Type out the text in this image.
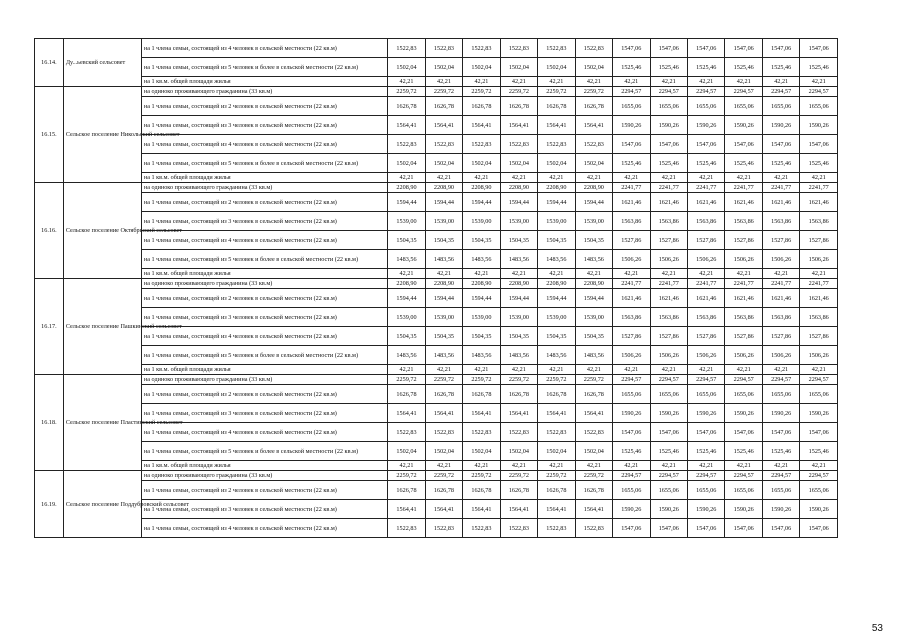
16.14.	Ду...ьевский сельсовет	на 1 члена семьи, состоящей из 4 человек в сельской местности (22 кв.м)	1522,83	1522,83	1522,83	1522,83	1522,83	1522,83	1547,06	1547,06	1547,06	1547,06	1547,06	1547,06
		на 1 члена семьи, состоящей из 5 человек и более в сельской местности (22 кв.м)	1502,04	1502,04	1502,04	1502,04	1502,04	1502,04	1525,46	1525,46	1525,46	1525,46	1525,46	1525,46
		на 1 кв.м. общей площади жилья	42,21	42,21	42,21	42,21	42,21	42,21	42,21	42,21	42,21	42,21	42,21	42,21
16.15.	Сельское поселение Никольский сельсовет	на одиноко проживающего гражданина (33 кв.м)	2259,72	2259,72	2259,72	2259,72	2259,72	2259,72	2294,57	2294,57	2294,57	2294,57	2294,57	2294,57
		на 1 члена семьи, состоящей из 2 человек в сельской местности (22 кв.м)	1626,78	1626,78	1626,78	1626,78	1626,78	1626,78	1655,06	1655,06	1655,06	1655,06	1655,06	1655,06
		на 1 члена семьи, состоящей из 3 человек в сельской местности (22 кв.м)	1564,41	1564,41	1564,41	1564,41	1564,41	1564,41	1590,26	1590,26	1590,26	1590,26	1590,26	1590,26
		на 1 члена семьи, состоящей из 4 человек в сельской местности (22 кв.м)	1522,83	1522,83	1522,83	1522,83	1522,83	1522,83	1547,06	1547,06	1547,06	1547,06	1547,06	1547,06
		на 1 члена семьи, состоящей из 5 человек и более в сельской местности (22 кв.м)	1502,04	1502,04	1502,04	1502,04	1502,04	1502,04	1525,46	1525,46	1525,46	1525,46	1525,46	1525,46
		на 1 кв.м. общей площади жилья	42,21	42,21	42,21	42,21	42,21	42,21	42,21	42,21	42,21	42,21	42,21	42,21
16.16.	Сельское поселение Октябрьский сельсовет	на одиноко проживающего гражданина (33 кв.м)	2208,90	2208,90	2208,90	2208,90	2208,90	2208,90	2241,77	2241,77	2241,77	2241,77	2241,77	2241,77
		на 1 члена семьи, состоящей из 2 человек в сельской местности (22 кв.м)	1594,44	1594,44	1594,44	1594,44	1594,44	1594,44	1621,46	1621,46	1621,46	1621,46	1621,46	1621,46
		на 1 члена семьи, состоящей из 3 человек в сельской местности (22 кв.м)	1539,00	1539,00	1539,00	1539,00	1539,00	1539,00	1563,86	1563,86	1563,86	1563,86	1563,86	1563,86
		на 1 члена семьи, состоящей из 4 человек в сельской местности (22 кв.м)	1504,35	1504,35	1504,35	1504,35	1504,35	1504,35	1527,86	1527,86	1527,86	1527,86	1527,86	1527,86
		на 1 члена семьи, состоящей из 5 человек и более в сельской местности (22 кв.м)	1483,56	1483,56	1483,56	1483,56	1483,56	1483,56	1506,26	1506,26	1506,26	1506,26	1506,26	1506,26
		на 1 кв.м. общей площади жилья	42,21	42,21	42,21	42,21	42,21	42,21	42,21	42,21	42,21	42,21	42,21	42,21
16.17.	Сельское поселение Пашкинский сельсовет	на одиноко проживающего гражданина (33 кв.м)	2208,90	2208,90	2208,90	2208,90	2208,90	2208,90	2241,77	2241,77	2241,77	2241,77	2241,77	2241,77
		на 1 члена семьи, состоящей из 2 человек в сельской местности (22 кв.м)	1594,44	1594,44	1594,44	1594,44	1594,44	1594,44	1621,46	1621,46	1621,46	1621,46	1621,46	1621,46
		на 1 члена семьи, состоящей из 3 человек в сельской местности (22 кв.м)	1539,00	1539,00	1539,00	1539,00	1539,00	1539,00	1563,86	1563,86	1563,86	1563,86	1563,86	1563,86
		на 1 члена семьи, состоящей из 4 человек в сельской местности (22 кв.м)	1504,35	1504,35	1504,35	1504,35	1504,35	1504,35	1527,86	1527,86	1527,86	1527,86	1527,86	1527,86
		на 1 члена семьи, состоящей из 5 человек и более в сельской местности (22 кв.м)	1483,56	1483,56	1483,56	1483,56	1483,56	1483,56	1506,26	1506,26	1506,26	1506,26	1506,26	1506,26
		на 1 кв.м. общей площади жилья	42,21	42,21	42,21	42,21	42,21	42,21	42,21	42,21	42,21	42,21	42,21	42,21
16.18.	Сельское поселение Пластинский сельсовет	на одиноко проживающего гражданина (33 кв.м)	2259,72	2259,72	2259,72	2259,72	2259,72	2259,72	2294,57	2294,57	2294,57	2294,57	2294,57	2294,57
		на 1 члена семьи, состоящей из 2 человек в сельской местности (22 кв.м)	1626,78	1626,78	1626,78	1626,78	1626,78	1626,78	1655,06	1655,06	1655,06	1655,06	1655,06	1655,06
		на 1 члена семьи, состоящей из 3 человек в сельской местности (22 кв.м)	1564,41	1564,41	1564,41	1564,41	1564,41	1564,41	1590,26	1590,26	1590,26	1590,26	1590,26	1590,26
		на 1 члена семьи, состоящей из 4 человек в сельской местности (22 кв.м)	1522,83	1522,83	1522,83	1522,83	1522,83	1522,83	1547,06	1547,06	1547,06	1547,06	1547,06	1547,06
		на 1 члена семьи, состоящей из 5 человек и более в сельской местности (22 кв.м)	1502,04	1502,04	1502,04	1502,04	1502,04	1502,04	1525,46	1525,46	1525,46	1525,46	1525,46	1525,46
		на 1 кв.м. общей площади жилья	42,21	42,21	42,21	42,21	42,21	42,21	42,21	42,21	42,21	42,21	42,21	42,21
16.19.	Сельское поселение Поддубровский сельсовет	на одиноко проживающего гражданина (33 кв.м)	2259,72	2259,72	2259,72	2259,72	2259,72	2259,72	2294,57	2294,57	2294,57	2294,57	2294,57	2294,57
		на 1 члена семьи, состоящей из 2 человек в сельской местности (22 кв.м)	1626,78	1626,78	1626,78	1626,78	1626,78	1626,78	1655,06	1655,06	1655,06	1655,06	1655,06	1655,06
		на 1 члена семьи, состоящей из 3 человек в сельской местности (22 кв.м)	1564,41	1564,41	1564,41	1564,41	1564,41	1564,41	1590,26	1590,26	1590,26	1590,26	1590,26	1590,26
		на 1 члена семьи, состоящей из 4 человек в сельской местности (22 кв.м)	1522,83	1522,83	1522,83	1522,83	1522,83	1522,83	1547,06	1547,06	1547,06	1547,06	1547,06	1547,06
53
